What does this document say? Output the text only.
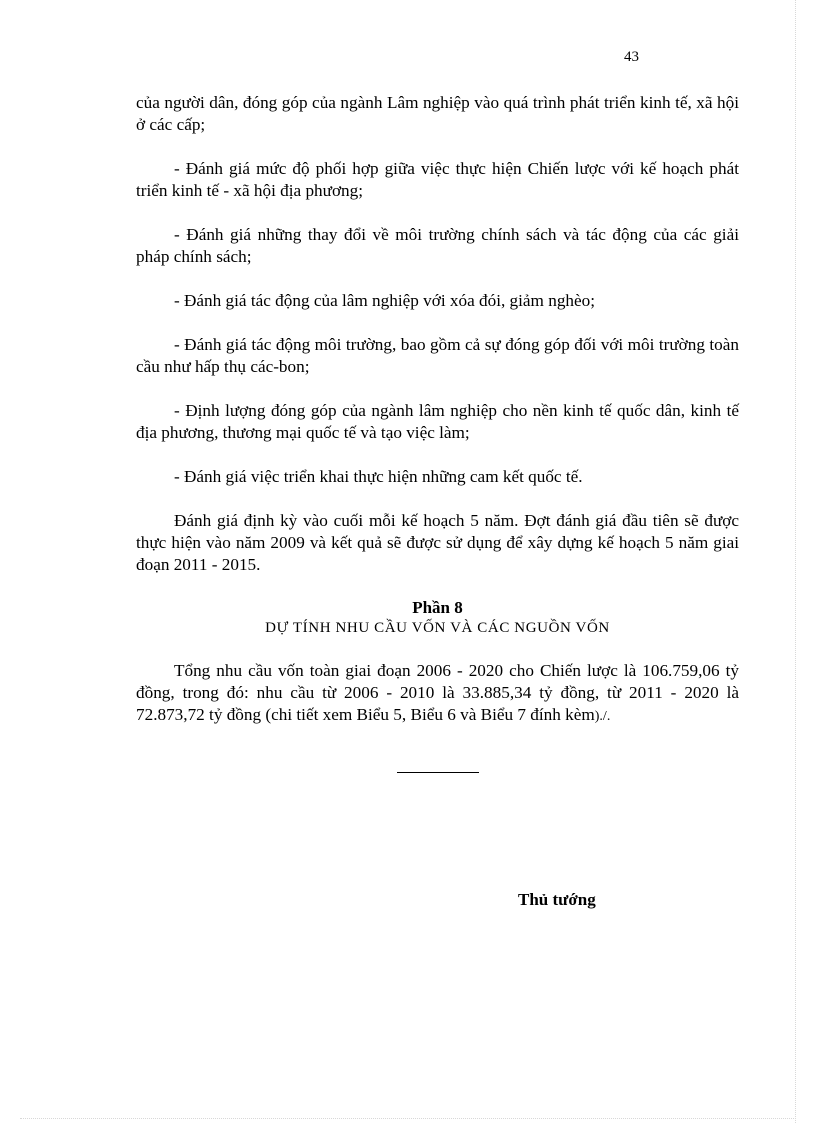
43

của người dân, đóng góp của ngành Lâm nghiệp vào quá trình phát triển kinh tế, xã hội ở các cấp;

- Đánh giá mức độ phối hợp giữa việc thực hiện Chiến lược với kế hoạch phát triển kinh tế - xã hội địa phương;

- Đánh giá những thay đổi về môi trường chính sách và tác động của các giải pháp chính sách;

- Đánh giá tác động của lâm nghiệp với xóa đói, giảm nghèo;

- Đánh giá tác động môi trường, bao gồm cả sự đóng góp đối với môi trường toàn cầu như hấp thụ các-bon;

- Định lượng đóng góp của ngành lâm nghiệp cho nền kinh tế quốc dân, kinh tế địa phương, thương mại quốc tế và tạo việc làm;

- Đánh giá việc triển khai thực hiện những cam kết quốc tế.

Đánh giá định kỳ vào cuối mỗi kế hoạch 5 năm. Đợt đánh giá đầu tiên sẽ được thực hiện vào năm 2009 và kết quả sẽ được sử dụng để xây dựng kế hoạch 5 năm giai đoạn 2011 - 2015.

Phần 8

DỰ TÍNH NHU CẦU VỐN VÀ CÁC NGUỒN VỐN

Tổng nhu cầu vốn toàn giai đoạn 2006 - 2020 cho Chiến lược là 106.759,06 tỷ đồng, trong đó: nhu cầu từ 2006 - 2010 là 33.885,34 tỷ đồng, từ 2011 - 2020 là 72.873,72 tỷ đồng (chi tiết xem Biểu 5, Biểu 6 và Biểu 7 đính kèm)./.

Thủ tướng
